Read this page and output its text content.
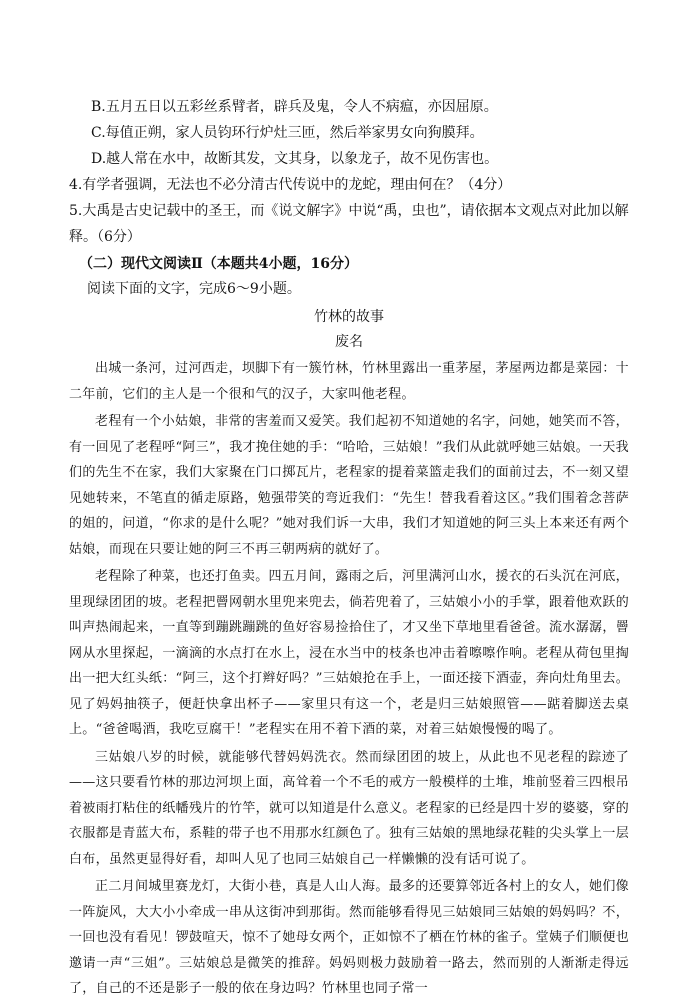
B.五月五日以五彩丝系臂者，辟兵及鬼，令人不病瘟，亦因屈原。
C.每值正朔，家人员钧环行炉灶三匝，然后举家男女向狗膜拜。
D.越人常在水中，故断其发，文其身，以象龙子，故不见伤害也。
4.有学者强调，无法也不必分清古代传说中的龙蛇，理由何在？（4分）
5.大禹是古史记载中的圣王，而《说文解字》中说“禹，虫也”，请依据本文观点对此加以解释。（6分）
（二）现代文阅读Ⅱ（本题共4小题，16分）
阅读下面的文字，完成6～9小题。
竹林的故事
废名
出城一条河，过河西走，坝脚下有一簇竹林，竹林里露出一重茅屋，茅屋两边都是菜园：十二年前，它们的主人是一个很和气的汉子，大家叫他老程。
老程有一个小姑娘，非常的害羞而又爱笑。我们起初不知道她的名字，问她，她笑而不答，有一回见了老程呼“阿三”，我才挽住她的手：“哈哈，三姑娘！”我们从此就呼她三姑娘。一天我们的先生不在家，我们大家聚在门口掷瓦片，老程家的提着菜篮走我们的面前过去，不一刻又望见她转来，不笔直的循走原路，勉强带笑的弯近我们：“先生！替我看着这区。”我们围着念菩萨的姐的，问道，“你求的是什么呢？”她对我们诉一大串，我们才知道她的阿三头上本来还有两个姑娘，而现在只要让她的阿三不再三朝两病的就好了。
老程除了种菜，也还打鱼卖。四五月间，露雨之后，河里满河山水，援衣的石头沉在河底，里现绿团团的坡。老程把罾网朝水里兜来兜去，倘若兜着了，三姑娘小小的手掌，跟着他欢跃的叫声热闹起来，一直等到蹦跳蹦跳的鱼好容易捡拾住了，才又坐下草地里看爸爸。流水潺潺，罾网从水里探起，一滴滴的水点打在水上，浸在水当中的枝条也冲击着嚓嚓作响。老程从荷包里掏出一把大红头纸：“阿三，这个打辫好吗？”三姑娘抢在手上，一面还接下酒壶，奔向灶角里去。见了妈妈抽筷子，便赶快拿出杯子——家里只有这一个，老是归三姑娘照管——踮着脚送去桌上。“爸爸喝酒，我吃豆腐干！”老程实在用不着下酒的菜，对着三姑娘慢慢的喝了。
三姑娘八岁的时候，就能够代替妈妈洗衣。然而绿团团的坡上，从此也不见老程的踪迹了——这只要看竹林的那边河坝上面，高耸着一个不毛的戒方一般模样的土堆，堆前竖着三四根吊着被雨打粘住的纸幡残片的竹竿，就可以知道是什么意义。老程家的已经是四十岁的婆婆，穿的衣服都是青蓝大布，系鞋的带子也不用那水红颜色了。独有三姑娘的黑地绿花鞋的尖头掌上一层白布，虽然更显得好看，却叫人见了也同三姑娘自己一样懒懒的没有话可说了。
正二月间城里赛龙灯，大街小巷，真是人山人海。最多的还要算邻近各村上的女人，她们像一阵旋风，大大小小牵成一串从这街冲到那街。然而能够看得见三姑娘同三姑娘的妈妈吗？不，一回也没有看见！锣鼓喧天，惊不了她母女两个，正如惊不了栖在竹林的雀子。堂姨子们顺便也邀请一声“三姐”。三姑娘总是微笑的推辞。妈妈则极力鼓励着一路去，然而别的人渐渐走得远了，自己的不还是影子一般的依在身边吗？竹林里也同子常一
